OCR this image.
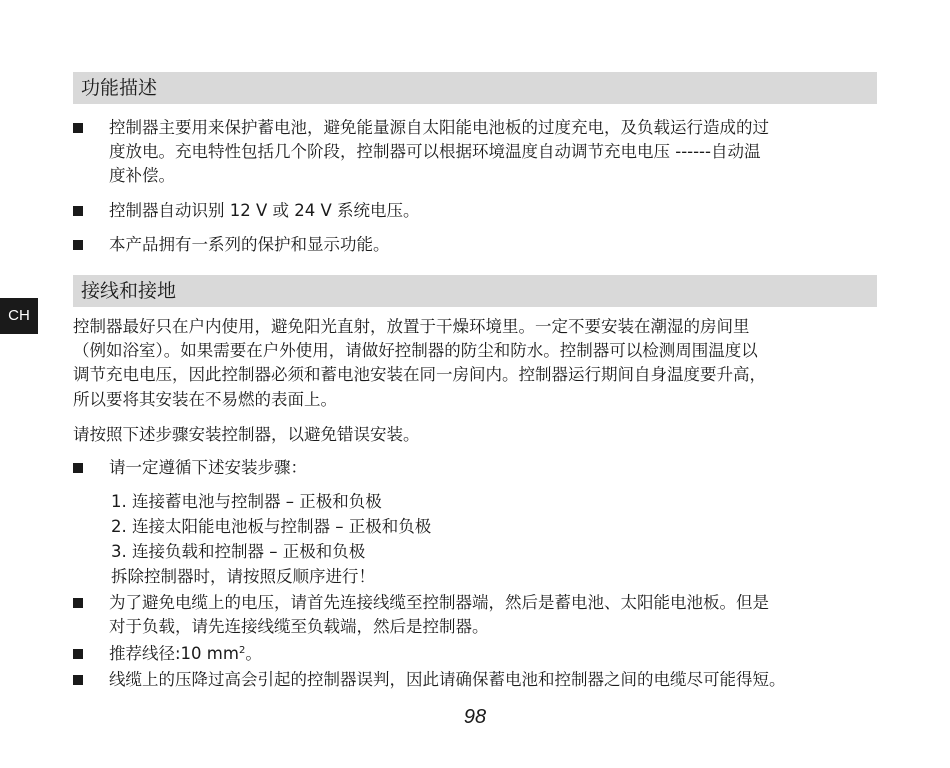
CH
功能描述
控制器主要用来保护蓄电池，避免能量源自太阳能电池板的过度充电，及负载运行造成的过
度放电。充电特性包括几个阶段，控制器可以根据环境温度自动调节充电电压 ------自动温
度补偿。
控制器自动识别 12 V 或 24 V 系统电压。
本产品拥有一系列的保护和显示功能。
接线和接地
控制器最好只在户内使用，避免阳光直射，放置于干燥环境里。一定不要安装在潮湿的房间里
（例如浴室）。如果需要在户外使用，请做好控制器的防尘和防水。控制器可以检测周围温度以
调节充电电压，因此控制器必须和蓄电池安装在同一房间内。控制器运行期间自身温度要升高，
所以要将其安装在不易燃的表面上。
请按照下述步骤安装控制器，以避免错误安装。
请一定遵循下述安装步骤：
1. 连接蓄电池与控制器 – 正极和负极
2. 连接太阳能电池板与控制器 – 正极和负极
3. 连接负载和控制器 – 正极和负极
拆除控制器时，请按照反顺序进行！
为了避免电缆上的电压，请首先连接线缆至控制器端，然后是蓄电池、太阳能电池板。但是
对于负载，请先连接线缆至负载端，然后是控制器。
推荐线径:10 $mm^2$。
线缆上的压降过高会引起的控制器误判，因此请确保蓄电池和控制器之间的电缆尽可能得短。
98
